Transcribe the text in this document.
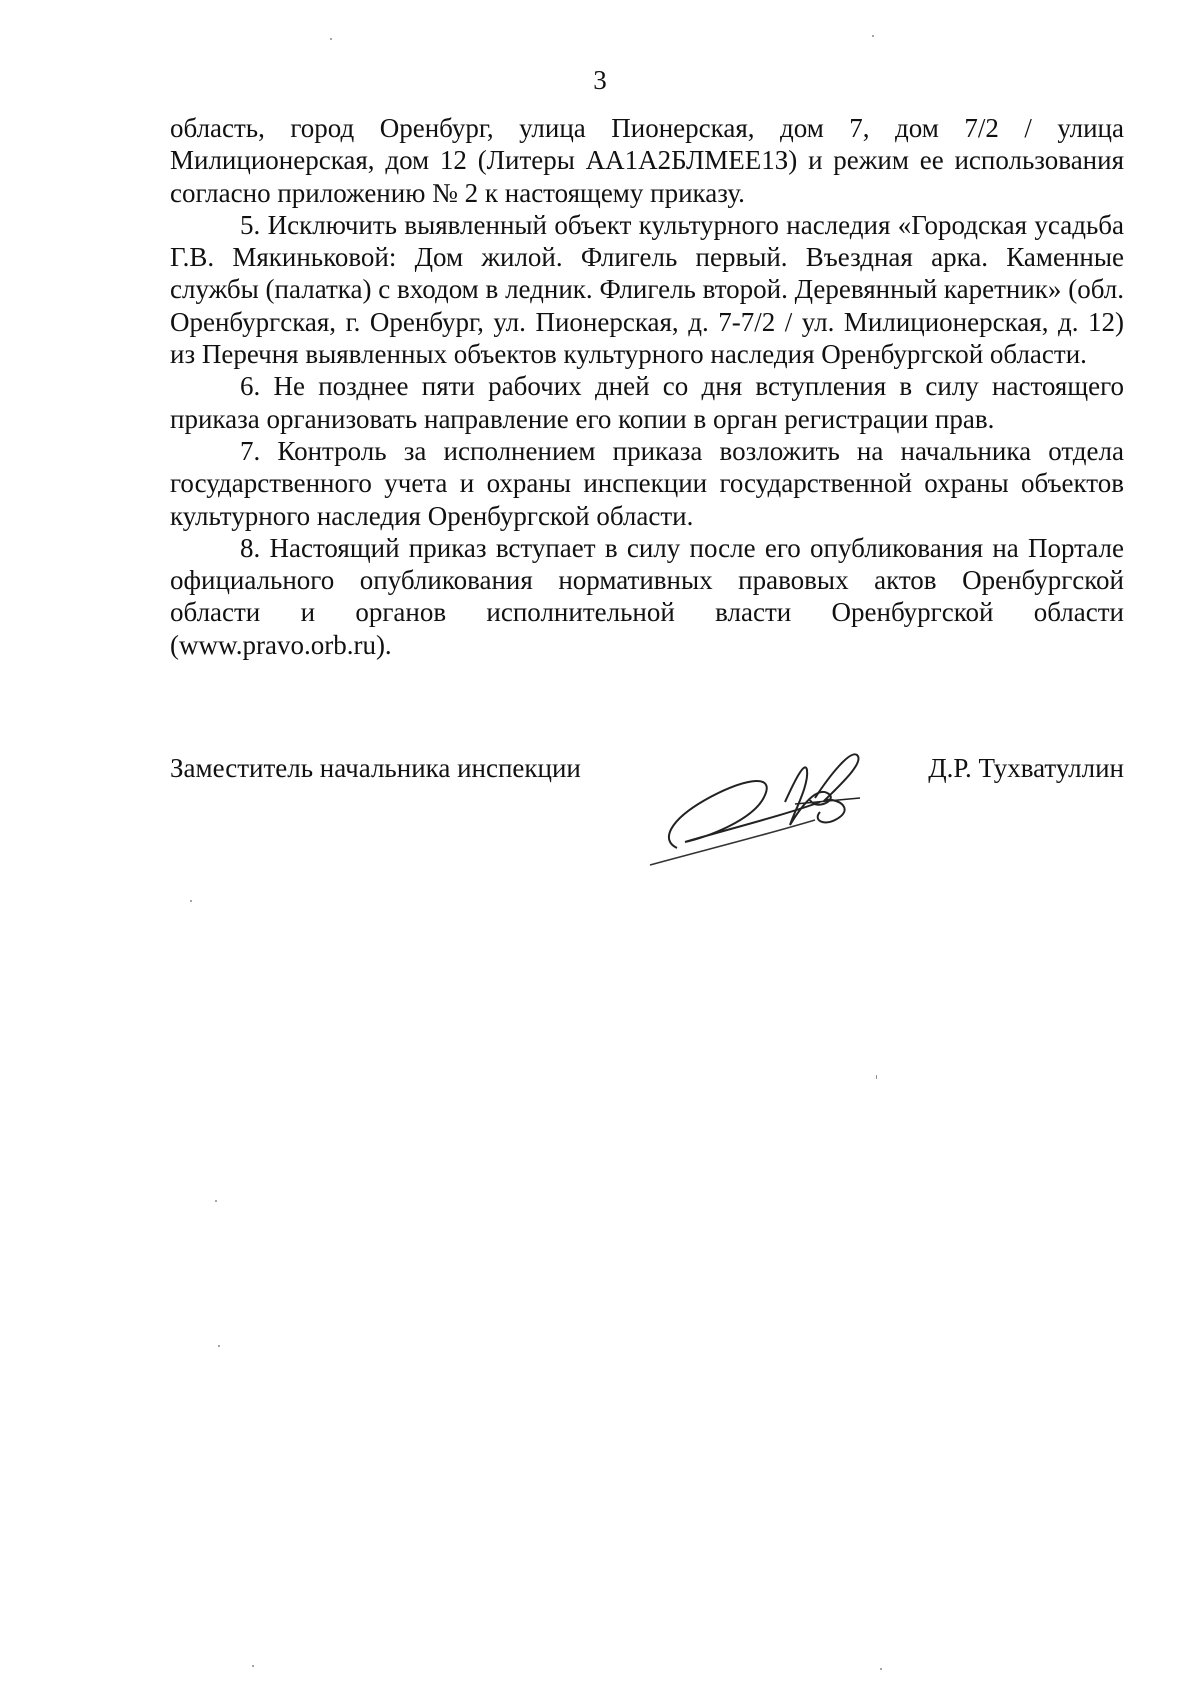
3

область, город Оренбург, улица Пионерская, дом 7, дом 7/2 / улица Милиционерская, дом 12 (Литеры АА1А2БЛМЕЕ1З) и режим ее использования согласно приложению № 2 к настоящему приказу.

5. Исключить выявленный объект культурного наследия «Городская усадьба Г.В. Мякиньковой: Дом жилой. Флигель первый. Въездная арка. Каменные службы (палатка) с входом в ледник. Флигель второй. Деревянный каретник» (обл. Оренбургская, г. Оренбург, ул. Пионерская, д. 7-7/2 / ул. Милиционерская, д. 12) из Перечня выявленных объектов культурного наследия Оренбургской области.

6. Не позднее пяти рабочих дней со дня вступления в силу настоящего приказа организовать направление его копии в орган регистрации прав.

7. Контроль за исполнением приказа возложить на начальника отдела государственного учета и охраны инспекции государственной охраны объектов культурного наследия Оренбургской области.

8. Настоящий приказ вступает в силу после его опубликования на Портале официального опубликования нормативных правовых актов Оренбургской области и органов исполнительной власти Оренбургской области (www.pravo.orb.ru).

Заместитель начальника инспекции	Д.Р. Тухватуллин
